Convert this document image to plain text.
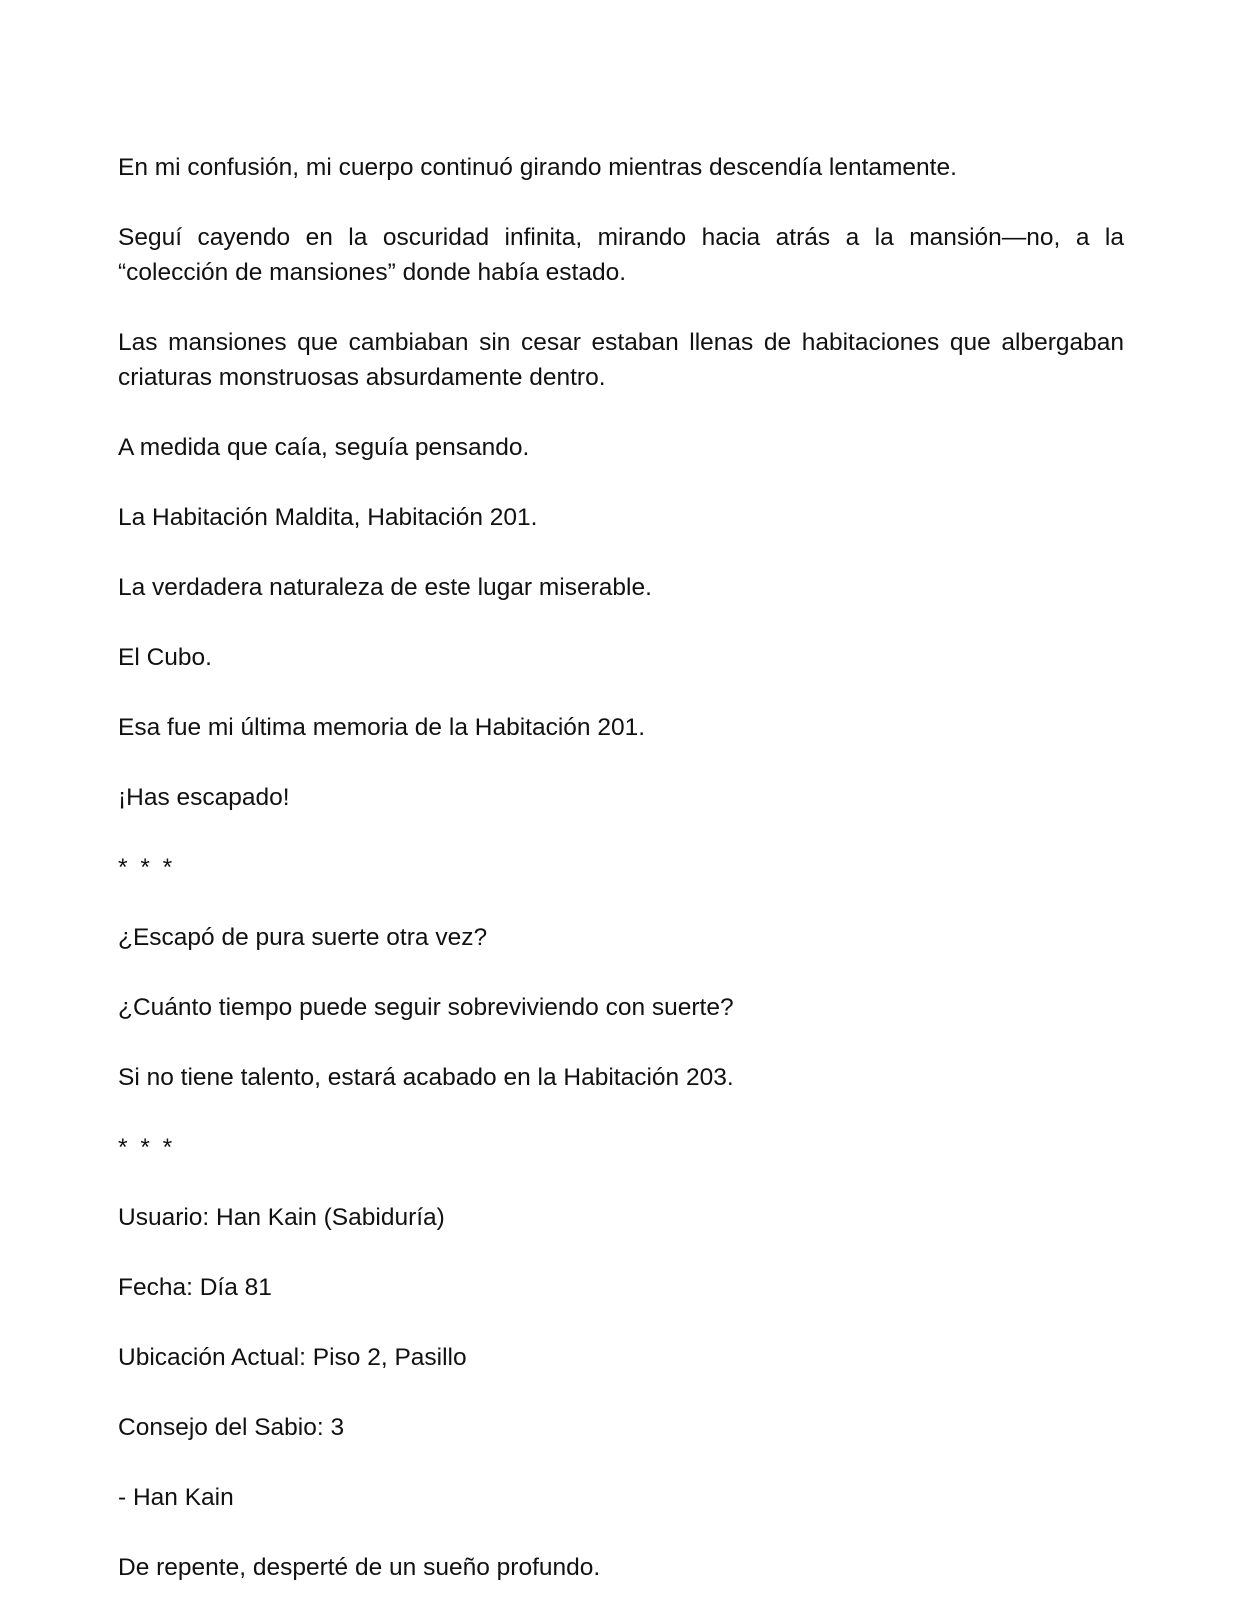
En mi confusión, mi cuerpo continuó girando mientras descendía lentamente.

Seguí cayendo en la oscuridad infinita, mirando hacia atrás a la mansión—no, a la “colección de mansiones” donde había estado.

Las mansiones que cambiaban sin cesar estaban llenas de habitaciones que albergaban criaturas monstruosas absurdamente dentro.

A medida que caía, seguía pensando.

La Habitación Maldita, Habitación 201.

La verdadera naturaleza de este lugar miserable.

El Cubo.

Esa fue mi última memoria de la Habitación 201.

¡Has escapado!

* * *

¿Escapó de pura suerte otra vez?

¿Cuánto tiempo puede seguir sobreviviendo con suerte?

Si no tiene talento, estará acabado en la Habitación 203.

* * *

Usuario: Han Kain (Sabiduría)

Fecha: Día 81

Ubicación Actual: Piso 2, Pasillo

Consejo del Sabio: 3

- Han Kain

De repente, desperté de un sueño profundo.
